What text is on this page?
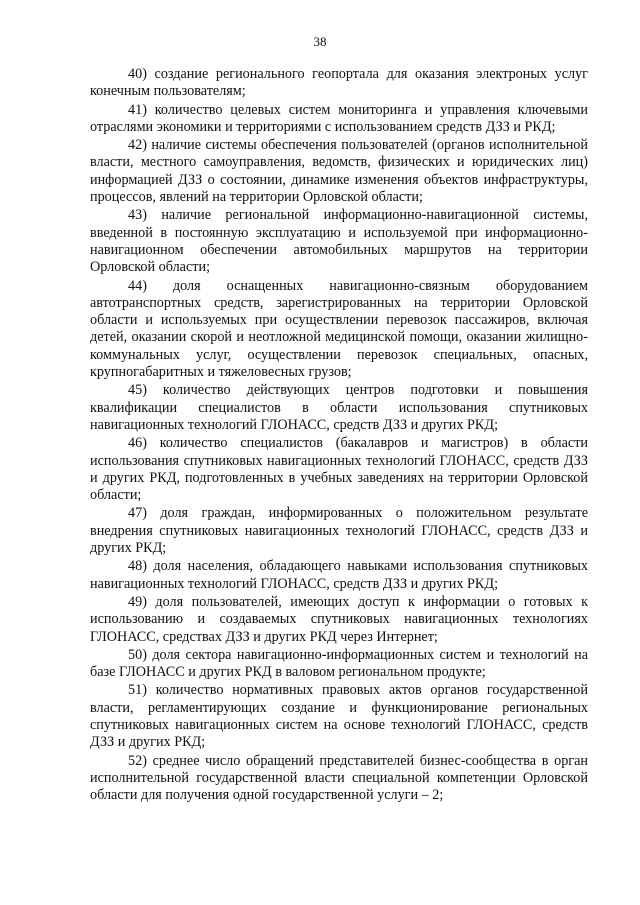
38

40) создание регионального геопортала для оказания электроных услуг конечным пользователям;

41) количество целевых систем мониторинга и управления ключевыми отраслями экономики и территориями с использованием средств ДЗЗ и РКД;

42) наличие системы обеспечения пользователей (органов исполнительной власти, местного самоуправления, ведомств, физических и юридических лиц) информацией ДЗЗ о состоянии, динамике изменения объектов инфраструктуры, процессов, явлений на территории Орловской области;

43) наличие региональной информационно-навигационной системы, введенной в постоянную эксплуатацию и используемой при информационно-навигационном обеспечении автомобильных маршрутов на территории Орловской области;

44) доля оснащенных навигационно-связным оборудованием автотранспортных средств, зарегистрированных на территории Орловской области и используемых при осуществлении перевозок пассажиров, включая детей, оказании скорой и неотложной медицинской помощи, оказании жилищно-коммунальных услуг, осуществлении перевозок специальных, опасных, крупногабаритных и тяжеловесных грузов;

45) количество действующих центров подготовки и повышения квалификации специалистов в области использования спутниковых навигационных технологий ГЛОНАСС, средств ДЗЗ и других РКД;

46) количество специалистов (бакалавров и магистров) в области использования спутниковых навигационных технологий ГЛОНАСС, средств ДЗЗ и других РКД, подготовленных в учебных заведениях на территории Орловской области;

47) доля граждан, информированных о положительном результате внедрения спутниковых навигационных технологий ГЛОНАСС, средств ДЗЗ и других РКД;

48) доля населения, обладающего навыками использования спутниковых навигационных технологий ГЛОНАСС, средств ДЗЗ и других РКД;

49) доля пользователей, имеющих доступ к информации о готовых к использованию и создаваемых спутниковых навигационных технологиях ГЛОНАСС, средствах ДЗЗ и других РКД через Интернет;

50) доля сектора навигационно-информационных систем и технологий на базе ГЛОНАСС и других РКД в валовом региональном продукте;

51) количество нормативных правовых актов органов государственной власти, регламентирующих создание и функционирование региональных спутниковых навигационных систем на основе технологий ГЛОНАСС, средств ДЗЗ и других РКД;

52) среднее число обращений представителей бизнес-сообщества в орган исполнительной государственной власти специальной компетенции Орловской области для получения одной государственной услуги – 2;
